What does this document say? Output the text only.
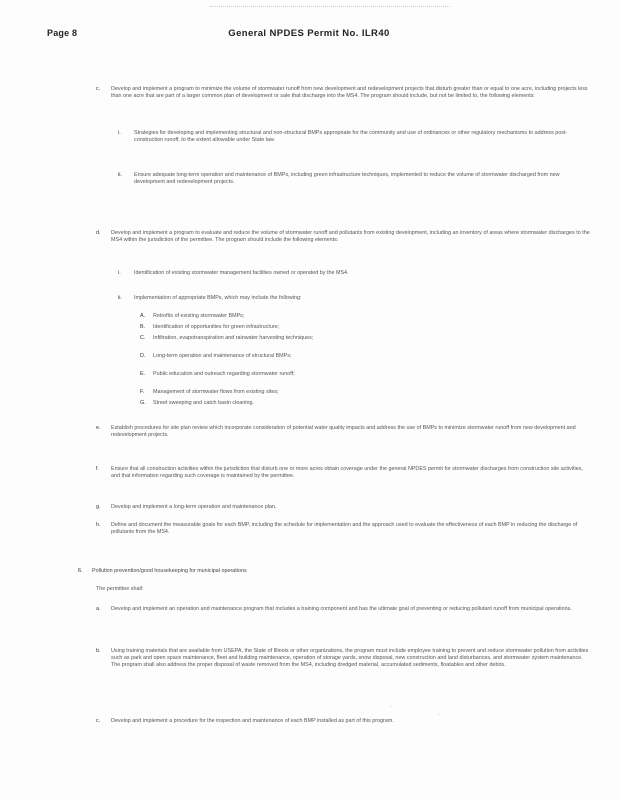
Page 8	General NPDES Permit No. ILR40
c. Develop and implement a program to minimize the volume of stormwater runoff from new development and redevelopment projects that disturb greater than or equal to one acre, including projects less than one acre that are part of a larger common plan of development or sale that discharge into the MS4. The program should include, but not be limited to, the following elements:
i. Strategies for developing and implementing structural and non-structural BMPs appropriate for the community and use of ordinances or other regulatory mechanisms to address post-construction runoff, to the extent allowable under State law.
ii. Ensure adequate long-term operation and maintenance of BMPs, including green infrastructure techniques, implemented to reduce the volume of stormwater discharged from new development and redevelopment projects.
d. Develop and implement a program to evaluate and reduce the volume of stormwater runoff and pollutants from existing development, including an inventory of areas where stormwater discharges to the MS4 within the jurisdiction of the permittee. The program should include the following elements:
i. Identification of existing stormwater management facilities owned or operated by the MS4.
ii. Implementation of appropriate BMPs, which may include the following:
A. Retrofits of existing stormwater BMPs;
B. Identification of opportunities for green infrastructure;
C. Infiltration, evapotranspiration and rainwater harvesting techniques;
D. Long-term operation and maintenance of structural BMPs;
E. Public education and outreach regarding stormwater runoff;
F. Management of stormwater flows from existing sites;
G. Street sweeping and catch basin cleaning.
e. Establish procedures for site plan review which incorporate consideration of potential water quality impacts and address the use of BMPs to minimize stormwater runoff from new development and redevelopment projects.
f. Ensure that all construction activities within the jurisdiction that disturb one or more acres obtain coverage under the general NPDES permit for stormwater discharges from construction site activities, and that information regarding such coverage is maintained by the permittee.
g. Develop and implement a long-term operation and maintenance plan.
h. Define and document the measurable goals for each BMP, including the schedule for implementation and the approach used to evaluate the effectiveness of each BMP in reducing the discharge of pollutants from the MS4.
6. Pollution prevention/good housekeeping for municipal operations
The permittee shall:
a. Develop and implement an operation and maintenance program that includes a training component and has the ultimate goal of preventing or reducing pollutant runoff from municipal operations.
b. Using training materials that are available from USEPA, the State of Illinois or other organizations, the program must include employee training to prevent and reduce stormwater pollution from activities such as park and open space maintenance, fleet and building maintenance, operation of storage yards, snow disposal, new construction and land disturbances, and stormwater system maintenance. The program shall also address the proper disposal of waste removed from the MS4, including dredged material, accumulated sediments, floatables and other debris.
·
·
c. Develop and implement a procedure for the inspection and maintenance of each BMP installed as part of this program.
